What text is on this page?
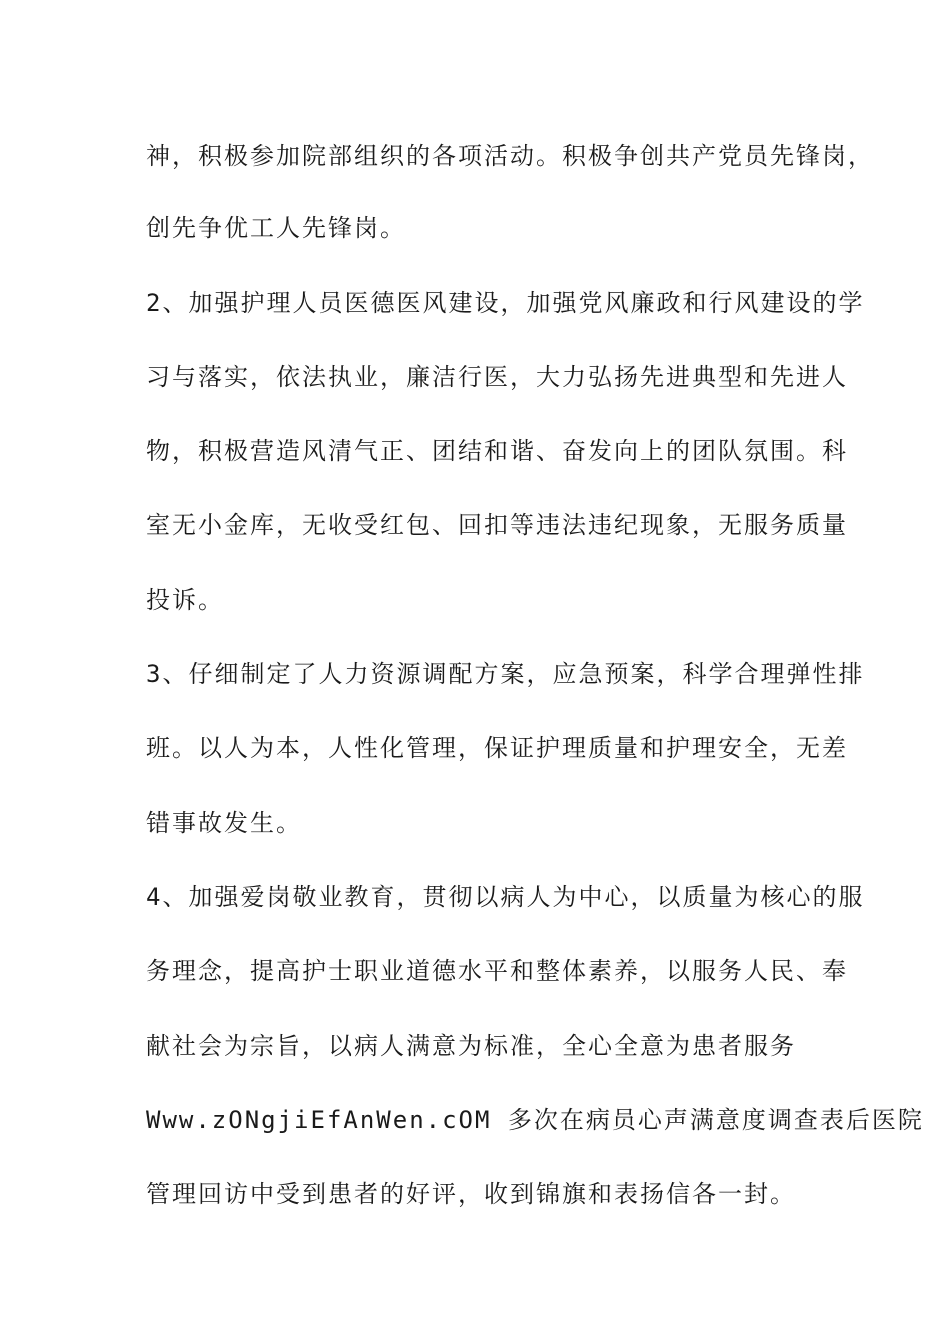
神，积极参加院部组织的各项活动。积极争创共产党员先锋岗，
创先争优工人先锋岗。
2、加强护理人员医德医风建设，加强党风廉政和行风建设的学
习与落实，依法执业，廉洁行医，大力弘扬先进典型和先进人
物，积极营造风清气正、团结和谐、奋发向上的团队氛围。科
室无小金库，无收受红包、回扣等违法违纪现象，无服务质量
投诉。
3、仔细制定了人力资源调配方案，应急预案，科学合理弹性排
班。以人为本，人性化管理，保证护理质量和护理安全，无差
错事故发生。
4、加强爱岗敬业教育，贯彻以病人为中心，以质量为核心的服
务理念，提高护士职业道德水平和整体素养，以服务人民、奉
献社会为宗旨，以病人满意为标准，全心全意为患者服务
Www.zONgjiEfAnWen.cOM 多次在病员心声满意度调查表后医院
管理回访中受到患者的好评，收到锦旗和表扬信各一封。
